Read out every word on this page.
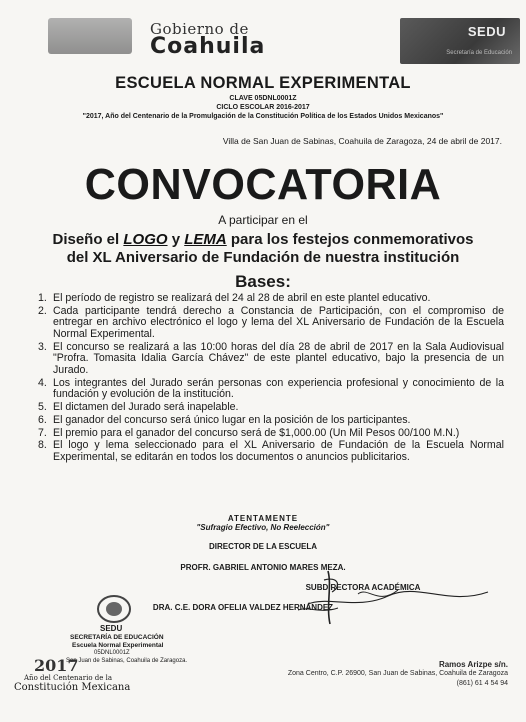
Gobierno de
Coahuila
SEDU
Secretaría de Educación
ESCUELA NORMAL EXPERIMENTAL
CLAVE 05DNL0001Z
CICLO ESCOLAR 2016-2017
"2017, Año del Centenario de la Promulgación de la Constitución Política de los Estados Unidos Mexicanos"
Villa de San Juan de Sabinas, Coahuila de Zaragoza, 24 de abril de 2017.
CONVOCATORIA
A participar en el
Diseño el LOGO y LEMA para los festejos conmemorativos
del XL Aniversario de Fundación de nuestra institución
Bases:
1. El período de registro se realizará del 24 al 28 de abril en este plantel educativo.
2. Cada participante tendrá derecho a Constancia de Participación, con el compromiso de entregar en archivo electrónico el logo y lema del XL Aniversario de Fundación de la Escuela Normal Experimental.
3. El concurso se realizará a las 10:00 horas del día 28 de abril de 2017 en la Sala Audiovisual "Profra. Tomasita Idalia García Chávez" de este plantel educativo, bajo la presencia de un Jurado.
4. Los integrantes del Jurado serán personas con experiencia profesional y conocimiento de la fundación y evolución de la institución.
5. El dictamen del Jurado será inapelable.
6. El ganador del concurso será único lugar en la posición de los participantes.
7. El premio para el ganador del concurso será de $1,000.00 (Un Mil Pesos 00/100 M.N.)
8. El logo y lema seleccionado para el XL Aniversario de Fundación de la Escuela Normal Experimental, se editarán en todos los documentos o anuncios publicitarios.
ATENTAMENTE
"Sufragio Efectivo, No Reelección"
DIRECTOR DE LA ESCUELA
PROFR. GABRIEL ANTONIO MARES MEZA.
SUBDIRECTORA ACADÉMICA
DRA. C.E. DORA OFELIA VALDEZ HERNÁNDEZ
SEDU
SECRETARÍA DE EDUCACIÓN
Escuela Normal Experimental
05DNL0001Z
San Juan de Sabinas, Coahuila de Zaragoza.
2017
Año del Centenario de la
Constitución Mexicana
Ramos Arizpe s/n.
Zona Centro, C.P. 26900, San Juan de Sabinas, Coahuila de Zaragoza
(861) 61 4 54 94
